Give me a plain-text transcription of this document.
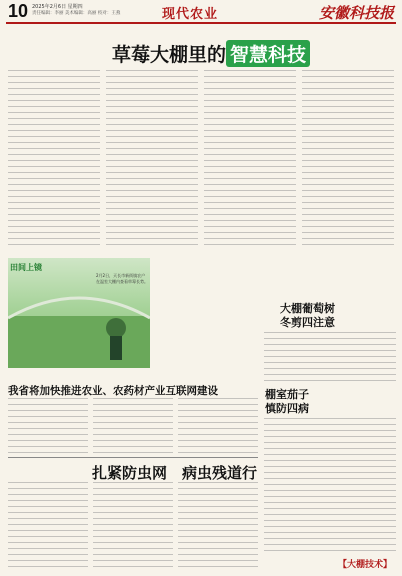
10 2025年2月6日 星期四
责任编辑：李丽 美术编辑：高丽 校对：王燕	现代农业	安徽科技报
草莓大棚里的 智慧科技
田间上镜
2月2日，天长市新街镇农户在温室大棚内查看草莓长势。
大棚葡萄树
冬剪四注意
我省将加快推进农业、农药材产业互联网建设	棚室茄子
慎防四病
扎紧防虫网　病虫残道行
【大棚技术】
